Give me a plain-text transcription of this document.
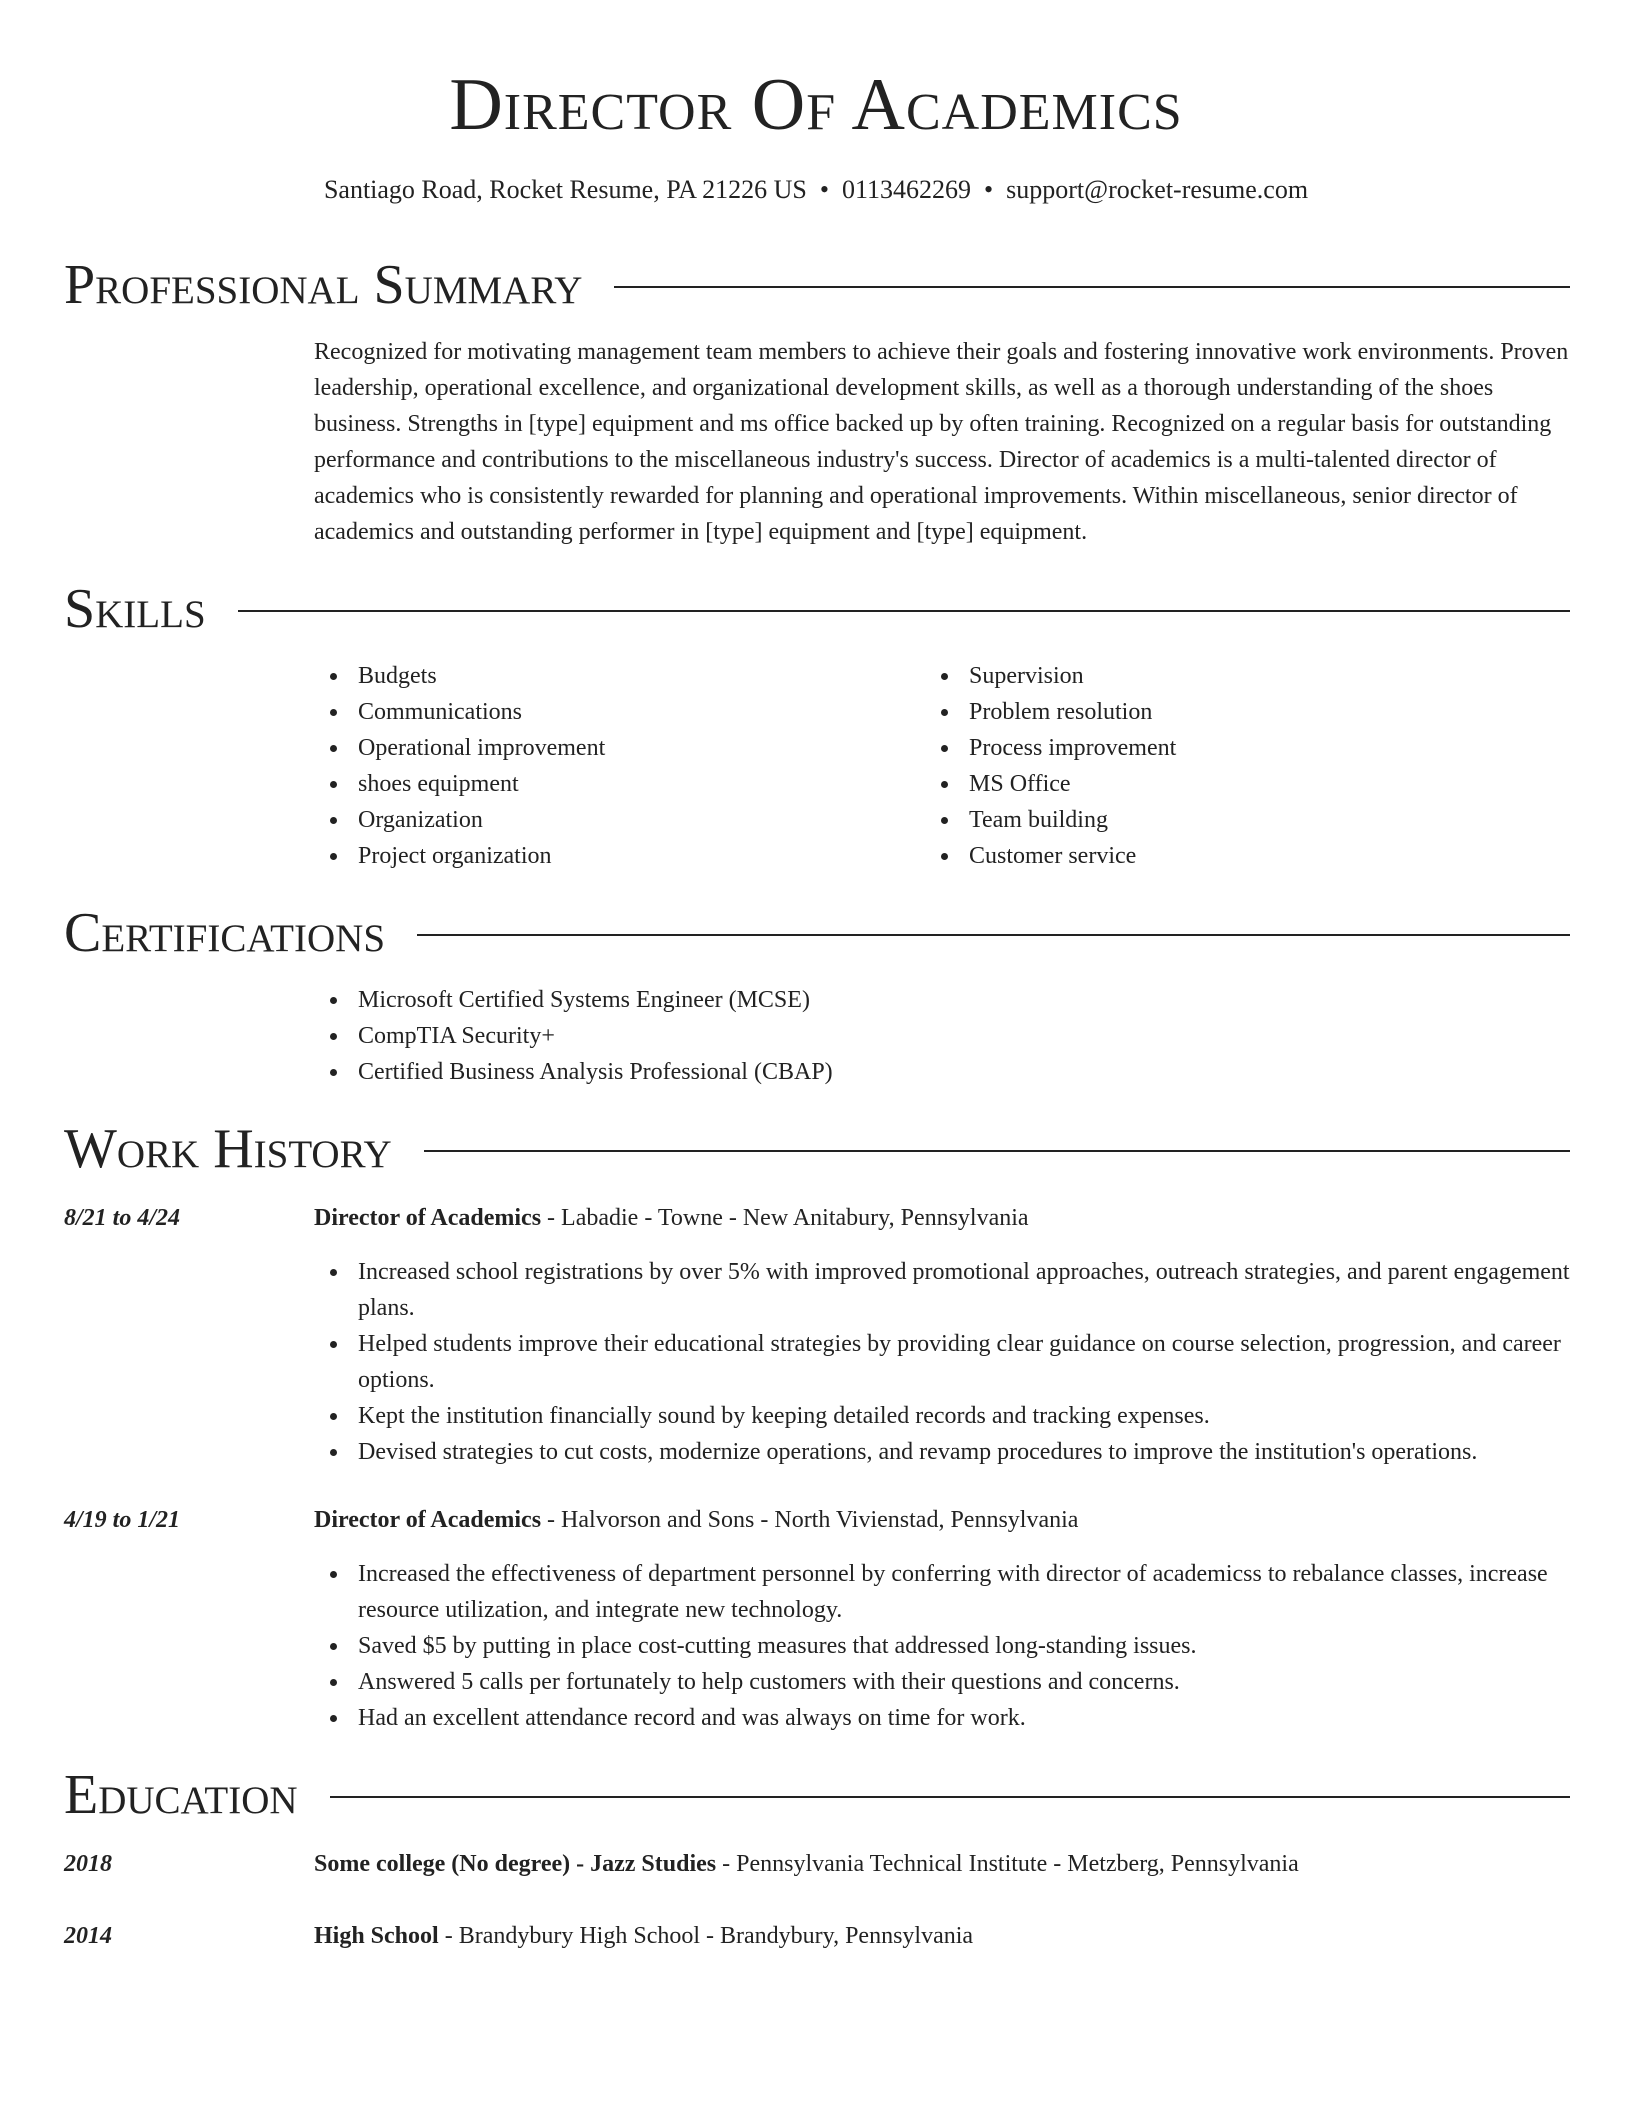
Director Of Academics
Santiago Road, Rocket Resume, PA 21226 US • 0113462269 • support@rocket-resume.com
Professional Summary
Recognized for motivating management team members to achieve their goals and fostering innovative work environments. Proven leadership, operational excellence, and organizational development skills, as well as a thorough understanding of the shoes business. Strengths in [type] equipment and ms office backed up by often training. Recognized on a regular basis for outstanding performance and contributions to the miscellaneous industry's success. Director of academics is a multi-talented director of academics who is consistently rewarded for planning and operational improvements. Within miscellaneous, senior director of academics and outstanding performer in [type] equipment and [type] equipment.
Skills
Budgets
Communications
Operational improvement
shoes equipment
Organization
Project organization
Supervision
Problem resolution
Process improvement
MS Office
Team building
Customer service
Certifications
Microsoft Certified Systems Engineer (MCSE)
CompTIA Security+
Certified Business Analysis Professional (CBAP)
Work History
8/21 to 4/24	Director of Academics - Labadie - Towne - New Anitabury, Pennsylvania
Increased school registrations by over 5% with improved promotional approaches, outreach strategies, and parent engagement plans.
Helped students improve their educational strategies by providing clear guidance on course selection, progression, and career options.
Kept the institution financially sound by keeping detailed records and tracking expenses.
Devised strategies to cut costs, modernize operations, and revamp procedures to improve the institution's operations.
4/19 to 1/21	Director of Academics - Halvorson and Sons - North Vivienstad, Pennsylvania
Increased the effectiveness of department personnel by conferring with director of academicss to rebalance classes, increase resource utilization, and integrate new technology.
Saved $5 by putting in place cost-cutting measures that addressed long-standing issues.
Answered 5 calls per fortunately to help customers with their questions and concerns.
Had an excellent attendance record and was always on time for work.
Education
2018	Some college (No degree) - Jazz Studies - Pennsylvania Technical Institute - Metzberg, Pennsylvania
2014	High School - Brandybury High School - Brandybury, Pennsylvania
